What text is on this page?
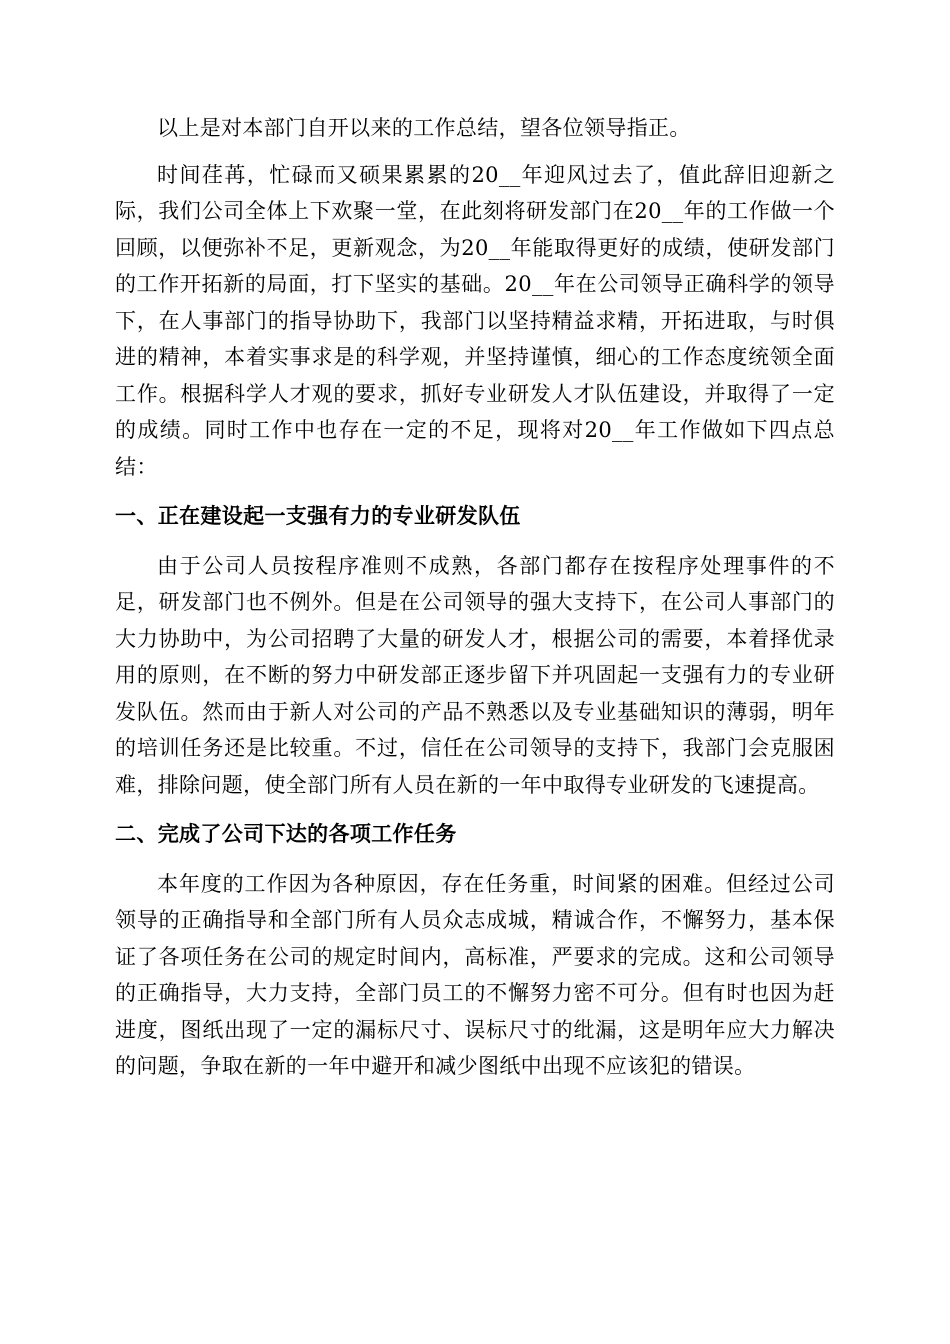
以上是对本部门自开以来的工作总结，望各位领导指正。

时间荏苒，忙碌而又硕果累累的20__年迎风过去了，值此辞旧迎新之际，我们公司全体上下欢聚一堂，在此刻将研发部门在20__年的工作做一个回顾，以便弥补不足，更新观念，为20__年能取得更好的成绩，使研发部门的工作开拓新的局面，打下坚实的基础。20__年在公司领导正确科学的领导下，在人事部门的指导协助下，我部门以坚持精益求精，开拓进取，与时俱进的精神，本着实事求是的科学观，并坚持谨慎，细心的工作态度统领全面工作。根据科学人才观的要求，抓好专业研发人才队伍建设，并取得了一定的成绩。同时工作中也存在一定的不足，现将对20__年工作做如下四点总结：

一、正在建设起一支强有力的专业研发队伍

由于公司人员按程序准则不成熟，各部门都存在按程序处理事件的不足，研发部门也不例外。但是在公司领导的强大支持下，在公司人事部门的大力协助中，为公司招聘了大量的研发人才，根据公司的需要，本着择优录用的原则，在不断的努力中研发部正逐步留下并巩固起一支强有力的专业研发队伍。然而由于新人对公司的产品不熟悉以及专业基础知识的薄弱，明年的培训任务还是比较重。不过，信任在公司领导的支持下，我部门会克服困难，排除问题，使全部门所有人员在新的一年中取得专业研发的飞速提高。

二、完成了公司下达的各项工作任务

本年度的工作因为各种原因，存在任务重，时间紧的困难。但经过公司领导的正确指导和全部门所有人员众志成城，精诚合作，不懈努力，基本保证了各项任务在公司的规定时间内，高标准，严要求的完成。这和公司领导的正确指导，大力支持，全部门员工的不懈努力密不可分。但有时也因为赶进度，图纸出现了一定的漏标尺寸、误标尺寸的纰漏，这是明年应大力解决的问题，争取在新的一年中避开和减少图纸中出现不应该犯的错误。
